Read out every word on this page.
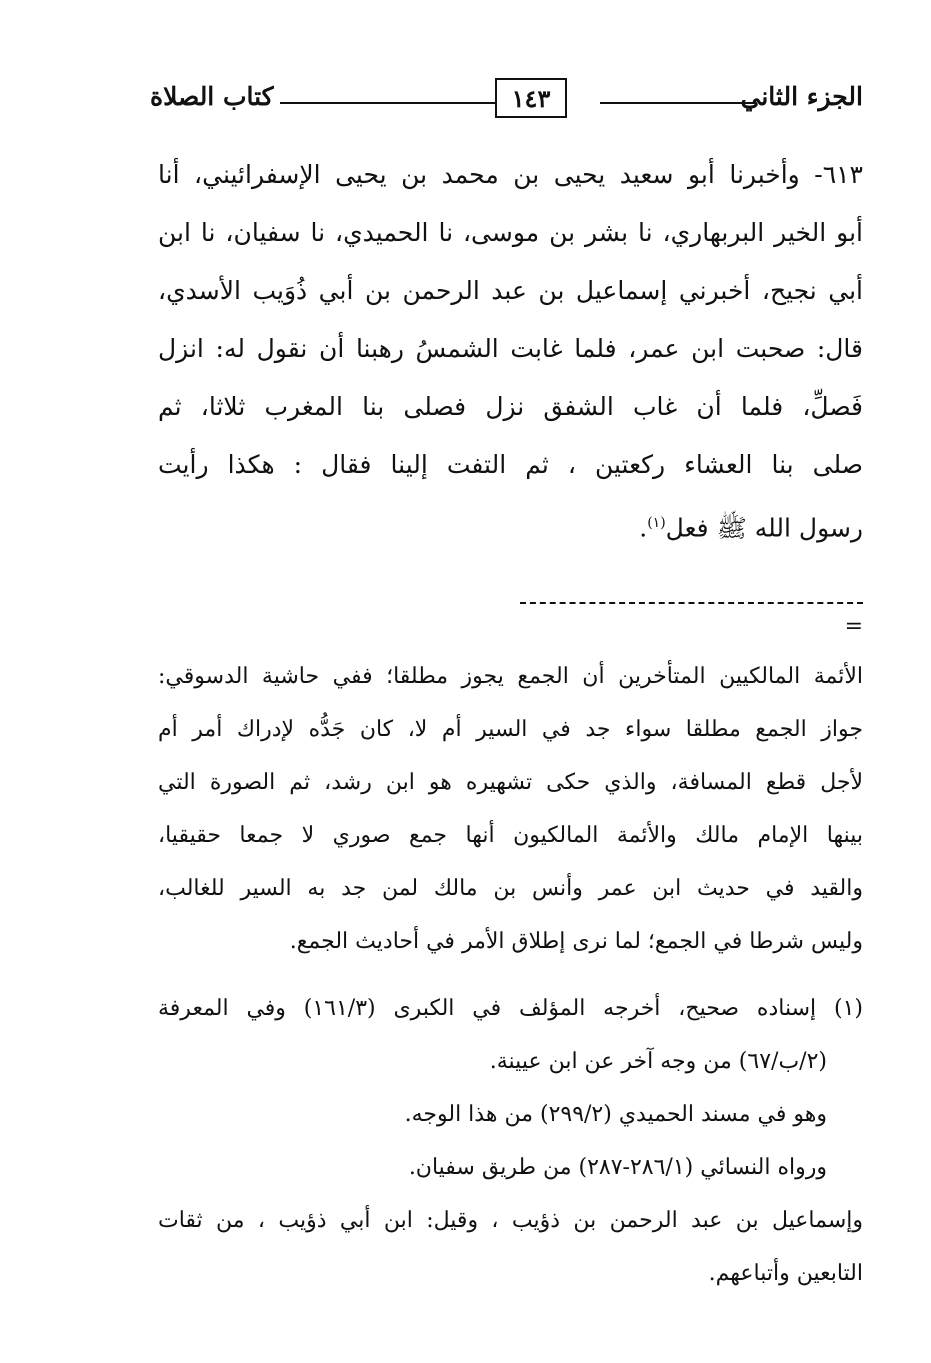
الجزء الثاني
١٤٣
كتاب الصلاة
٦١٣- وأخبرنا أبو سعيد يحيى بن محمد بن يحيى الإسفرائيني، أنا
أبو الخير البربهاري، نا بشر بن موسى، نا الحميدي، نا سفيان، نا ابن
أبي نجيح، أخبرني إسماعيل بن عبد الرحمن بن أبي ذُوَيب الأسدي،
قال: صحبت ابن عمر، فلما غابت الشمسُ رهبنا أن نقول له: انزل
فَصلِّ، فلما أن غاب الشفق نزل فصلى بنا المغرب ثلاثا، ثم
صلى بنا العشاء ركعتين ، ثم التفت إلينا فقال : هكذا رأيت
رسول الله ﷺ فعل$^{(١)}$.
=
الأئمة المالكيين المتأخرين أن الجمع يجوز مطلقا؛ ففي حاشية الدسوقي:
جواز الجمع مطلقا سواء جد في السير أم لا، كان جَدُّه لإدراك أمر أم
لأجل قطع المسافة، والذي حكى تشهيره هو ابن رشد، ثم الصورة التي
بينها الإمام مالك والأئمة المالكيون أنها جمع صوري لا جمعا حقيقيا،
والقيد في حديث ابن عمر وأنس بن مالك لمن جد به السير للغالب،
وليس شرطا في الجمع؛ لما نرى إطلاق الأمر في أحاديث الجمع.
(١) إسناده صحيح، أخرجه المؤلف في الكبرى (١٦١/٣) وفي المعرفة
(٢/ب/٦٧) من وجه آخر عن ابن عيينة.
وهو في مسند الحميدي (٢٩٩/٢) من هذا الوجه.
ورواه النسائي (٢٨٦/١-٢٨٧) من طريق سفيان.
وإسماعيل بن عبد الرحمن بن ذؤيب ، وقيل: ابن أبي ذؤيب ، من ثقات
التابعين وأتباعهم.
